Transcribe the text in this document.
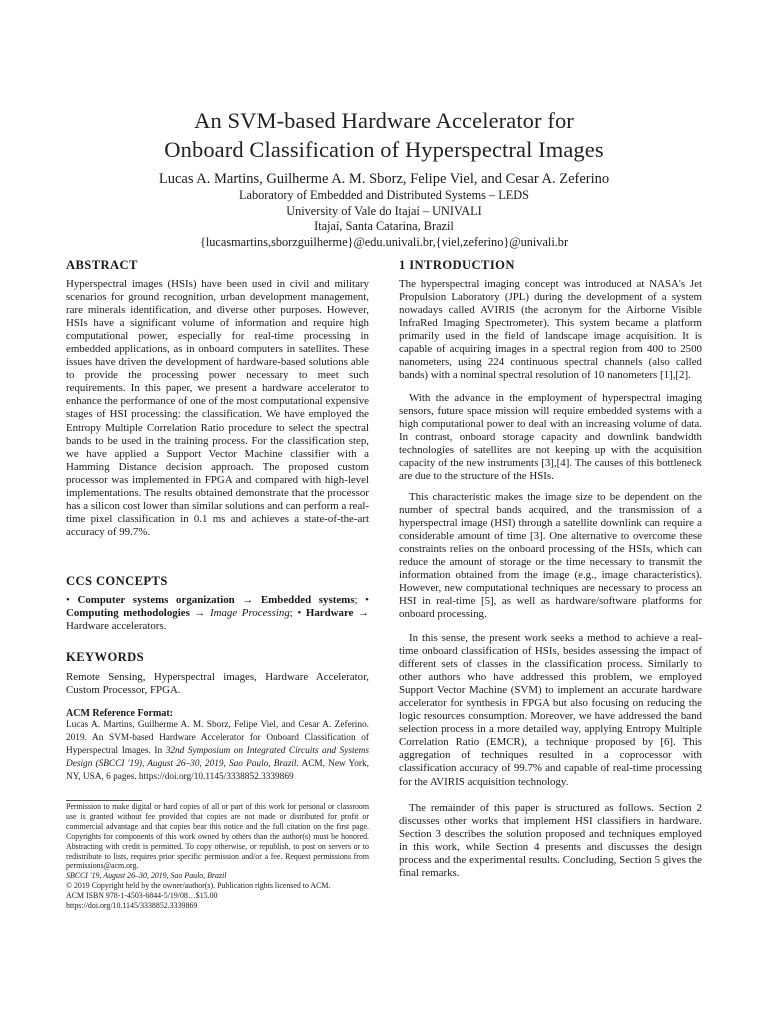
An SVM-based Hardware Accelerator for
Onboard Classification of Hyperspectral Images
Lucas A. Martins, Guilherme A. M. Sborz, Felipe Viel, and Cesar A. Zeferino
Laboratory of Embedded and Distributed Systems – LEDS
University of Vale do Itajaí – UNIVALI
Itajaí, Santa Catarina, Brazil
{lucasmartins,sborzguilherme}@edu.univali.br,{viel,zeferino}@univali.br
ABSTRACT
Hyperspectral images (HSIs) have been used in civil and military scenarios for ground recognition, urban development management, rare minerals identification, and diverse other purposes. However, HSIs have a significant volume of information and require high computational power, especially for real-time processing in embedded applications, as in onboard computers in satellites. These issues have driven the development of hardware-based solutions able to provide the processing power necessary to meet such requirements. In this paper, we present a hardware accelerator to enhance the performance of one of the most computational expensive stages of HSI processing: the classification. We have employed the Entropy Multiple Correlation Ratio procedure to select the spectral bands to be used in the training process. For the classification step, we have applied a Support Vector Machine classifier with a Hamming Distance decision approach. The proposed custom processor was implemented in FPGA and compared with high-level implementations. The results obtained demonstrate that the processor has a silicon cost lower than similar solutions and can perform a real-time pixel classification in 0.1 ms and achieves a state-of-the-art accuracy of 99.7%.
CCS CONCEPTS
• Computer systems organization → Embedded systems; • Computing methodologies → Image Processing; • Hardware → Hardware accelerators.
KEYWORDS
Remote Sensing, Hyperspectral images, Hardware Accelerator, Custom Processor, FPGA.
ACM Reference Format:
Lucas A. Martins, Guilherme A. M. Sborz, Felipe Viel, and Cesar A. Zeferino. 2019. An SVM-based Hardware Accelerator for Onboard Classification of Hyperspectral Images. In 32nd Symposium on Integrated Circuits and Systems Design (SBCCI '19), August 26–30, 2019, Sao Paulo, Brazil. ACM, New York, NY, USA, 6 pages. https://doi.org/10.1145/3338852.3339869
Permission to make digital or hard copies of all or part of this work for personal or classroom use is granted without fee provided that copies are not made or distributed for profit or commercial advantage and that copies bear this notice and the full citation on the first page. Copyrights for components of this work owned by others than the author(s) must be honored. Abstracting with credit is permitted. To copy otherwise, or republish, to post on servers or to redistribute to lists, requires prior specific permission and/or a fee. Request permissions from permissions@acm.org.
SBCCI '19, August 26–30, 2019, Sao Paulo, Brazil
© 2019 Copyright held by the owner/author(s). Publication rights licensed to ACM.
ACM ISBN 978-1-4503-6844-5/19/08…$15.00
https://doi.org/10.1145/3338852.3339869
1 INTRODUCTION
The hyperspectral imaging concept was introduced at NASA's Jet Propulsion Laboratory (JPL) during the development of a system nowadays called AVIRIS (the acronym for the Airborne Visible InfraRed Imaging Spectrometer). This system became a platform primarily used in the field of landscape image acquisition. It is capable of acquiring images in a spectral region from 400 to 2500 nanometers, using 224 continuous spectral channels (also called bands) with a nominal spectral resolution of 10 nanometers [1],[2].
With the advance in the employment of hyperspectral imaging sensors, future space mission will require embedded systems with a high computational power to deal with an increasing volume of data. In contrast, onboard storage capacity and downlink bandwidth technologies of satellites are not keeping up with the acquisition capacity of the new instruments [3],[4]. The causes of this bottleneck are due to the structure of the HSIs.
This characteristic makes the image size to be dependent on the number of spectral bands acquired, and the transmission of a hyperspectral image (HSI) through a satellite downlink can require a considerable amount of time [3]. One alternative to overcome these constraints relies on the onboard processing of the HSIs, which can reduce the amount of storage or the time necessary to transmit the information obtained from the image (e.g., image characteristics). However, new computational techniques are necessary to process an HSI in real-time [5], as well as hardware/software platforms for onboard processing.
In this sense, the present work seeks a method to achieve a real-time onboard classification of HSIs, besides assessing the impact of different sets of classes in the classification process. Similarly to other authors who have addressed this problem, we employed Support Vector Machine (SVM) to implement an accurate hardware accelerator for synthesis in FPGA but also focusing on reducing the logic resources consumption. Moreover, we have addressed the band selection process in a more detailed way, applying Entropy Multiple Correlation Ratio (EMCR), a technique proposed by [6]. This aggregation of techniques resulted in a coprocessor with classification accuracy of 99.7% and capable of real-time processing for the AVIRIS acquisition technology.
The remainder of this paper is structured as follows. Section 2 discusses other works that implement HSI classifiers in hardware. Section 3 describes the solution proposed and techniques employed in this work, while Section 4 presents and discusses the design process and the experimental results. Concluding, Section 5 gives the final remarks.
